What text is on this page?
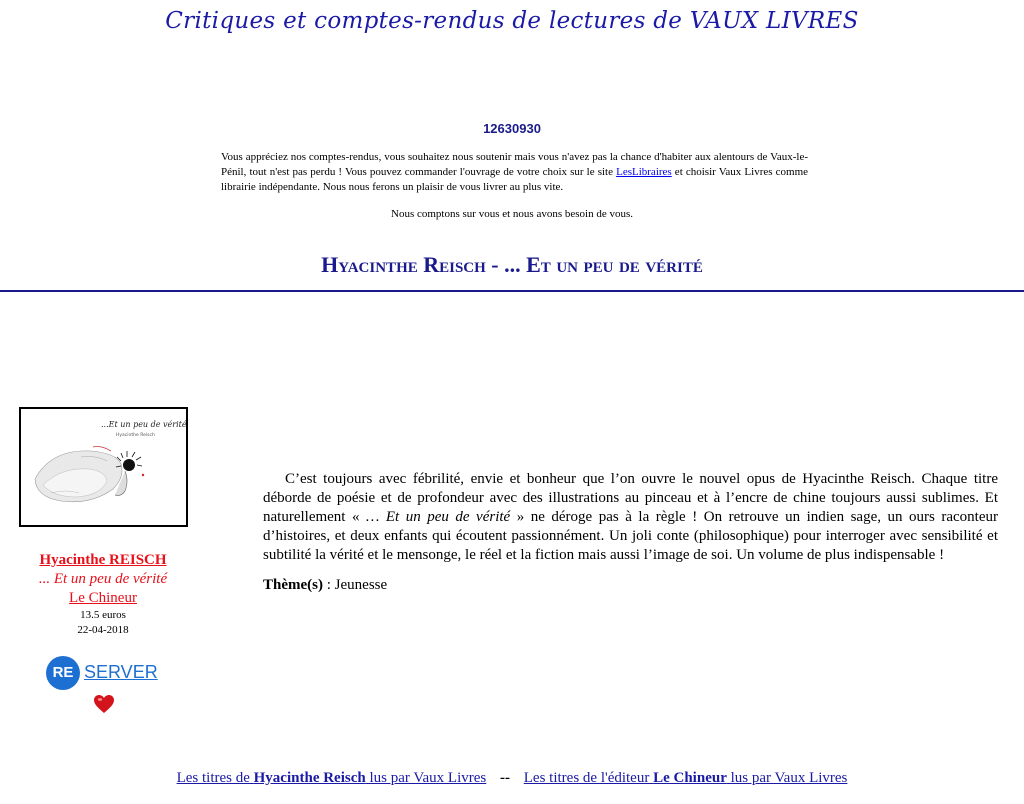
Critiques et comptes-rendus de lectures de VAUX LIVRES
12630930
Vous appréciez nos comptes-rendus, vous souhaitez nous soutenir mais vous n'avez pas la chance d'habiter aux alentours de Vaux-le-Pénil, tout n'est pas perdu ! Vous pouvez commander l'ouvrage de votre choix sur le site LesLibraires et choisir Vaux Livres comme librairie indépendante. Nous nous ferons un plaisir de vous livrer au plus vite.
Nous comptons sur vous et nous avons besoin de vous.
Hyacinthe Reisch - ... Et un peu de vérité
...Et un peu de vérité
Hyacinthe Reisch
Hyacinthe REISCH
... Et un peu de vérité
Le Chineur
13.5 euros
22-04-2018
RE SERVER

C’est toujours avec fébrilité, envie et bonheur que l’on ouvre le nouvel opus de Hyacinthe Reisch. Chaque titre déborde de poésie et de profondeur avec des illustrations au pinceau et à l’encre de chine toujours aussi sublimes. Et naturellement « … Et un peu de vérité » ne déroge pas à la règle ! On retrouve un indien sage, un ours raconteur d’histoires, et deux enfants qui écoutent passionnément. Un joli conte (philosophique) pour interroger avec sensibilité et subtilité la vérité et le mensonge, le réel et la fiction mais aussi l’image de soi. Un volume de plus indispensable !

Thème(s) : Jeunesse
Les titres de Hyacinthe Reisch lus par Vaux Livres -- Les titres de l'éditeur Le Chineur lus par Vaux Livres
